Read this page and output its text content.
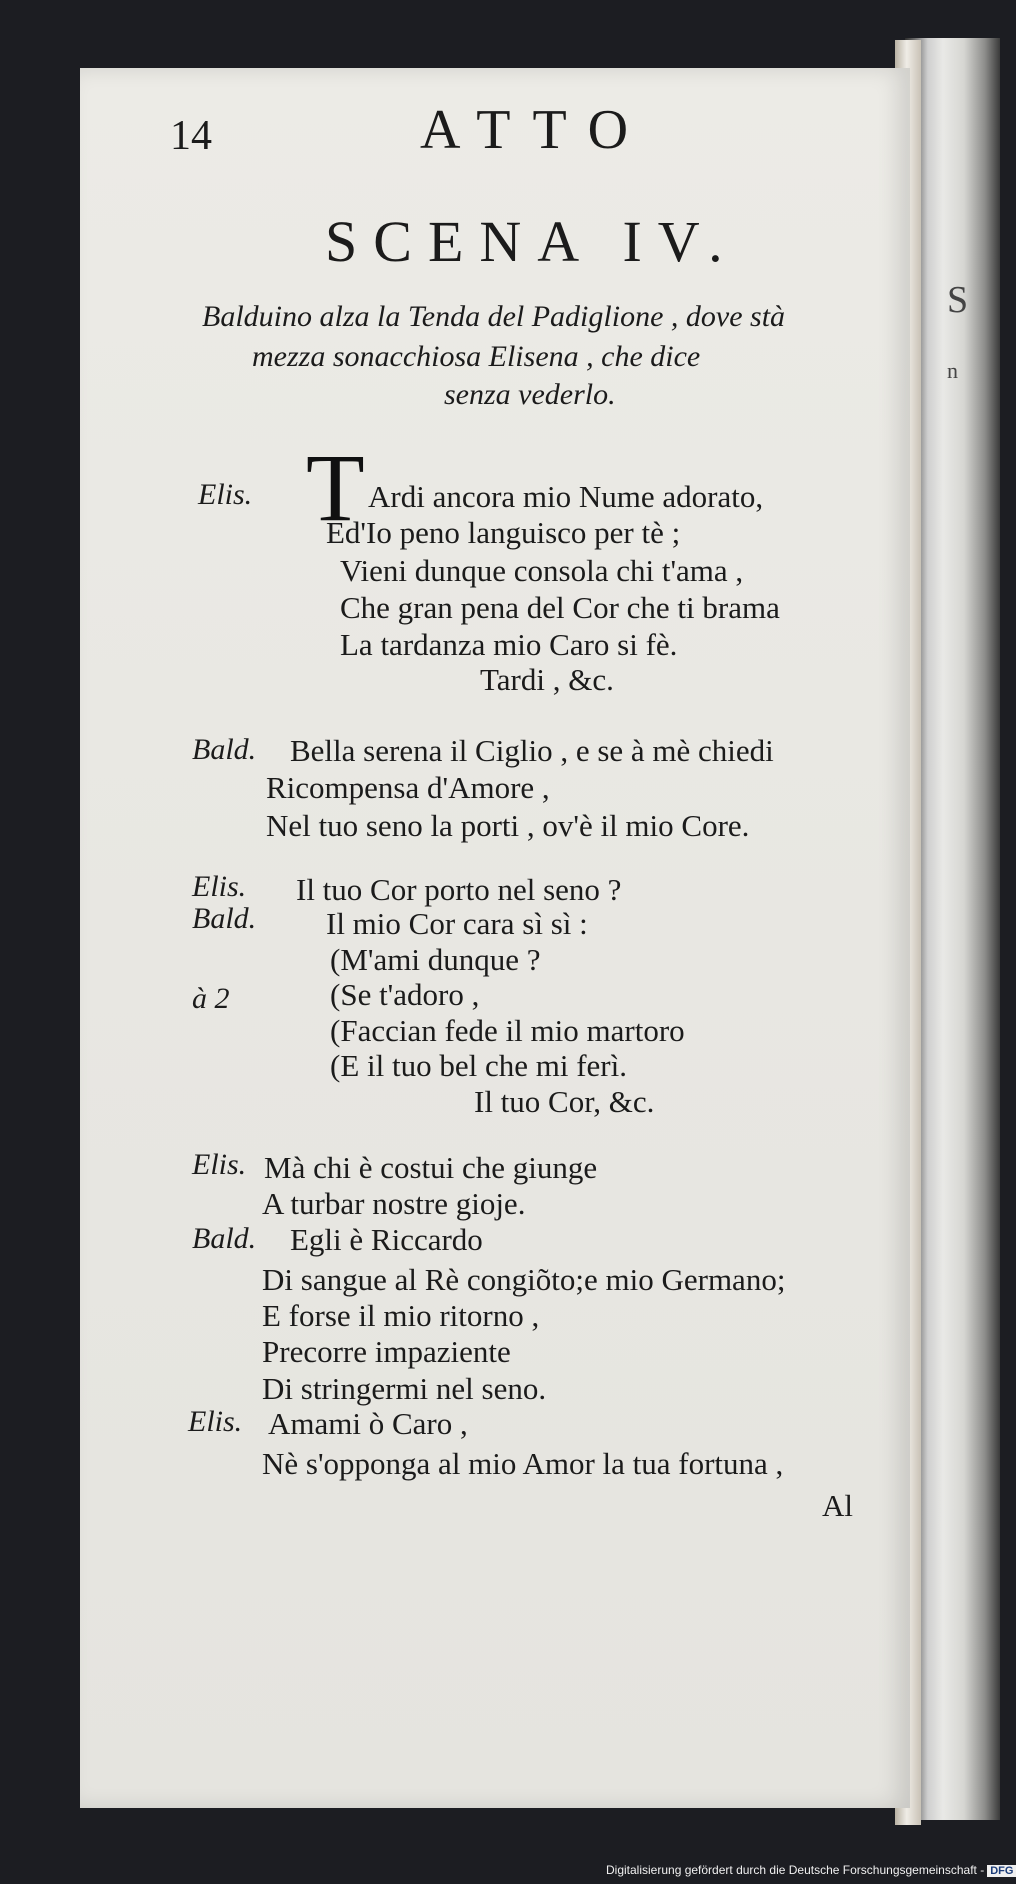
S
n
14	ATTO
SCENA IV.
Balduino alza la Tenda del Padiglione , dove stà
mezza sonacchiosa Elisena , che dice
senza vederlo.
Elis. T Ardi ancora mio Nume adorato,
Ed'Io peno languisco per tè ;
Vieni dunque consola chi t'ama ,
Che gran pena del Cor che ti brama
La tardanza mio Caro si fè.
Tardi , &c.
Bald. Bella serena il Ciglio , e se à mè chiedi
Ricompensa d'Amore ,
Nel tuo seno la porti , ov'è il mio Core.
Elis. Il tuo Cor porto nel seno ?
Bald. Il mio Cor cara sì sì :
(M'ami dunque ?
à 2	(Se t'adoro ,
(Faccian fede il mio martoro
(E il tuo bel che mi ferì.
Il tuo Cor, &c.
Elis. Mà chi è costui che giunge
A turbar nostre gioje.
Bald. Egli è Riccardo
Di sangue al Rè congiõto;e mio Germano;
E forse il mio ritorno ,
Precorre impaziente
Di stringermi nel seno.
Elis. Amami ò Caro ,
Nè s'opponga al mio Amor la tua fortuna ,
Al
Digitalisierung gefördert durch die Deutsche Forschungsgemeinschaft - DFG
